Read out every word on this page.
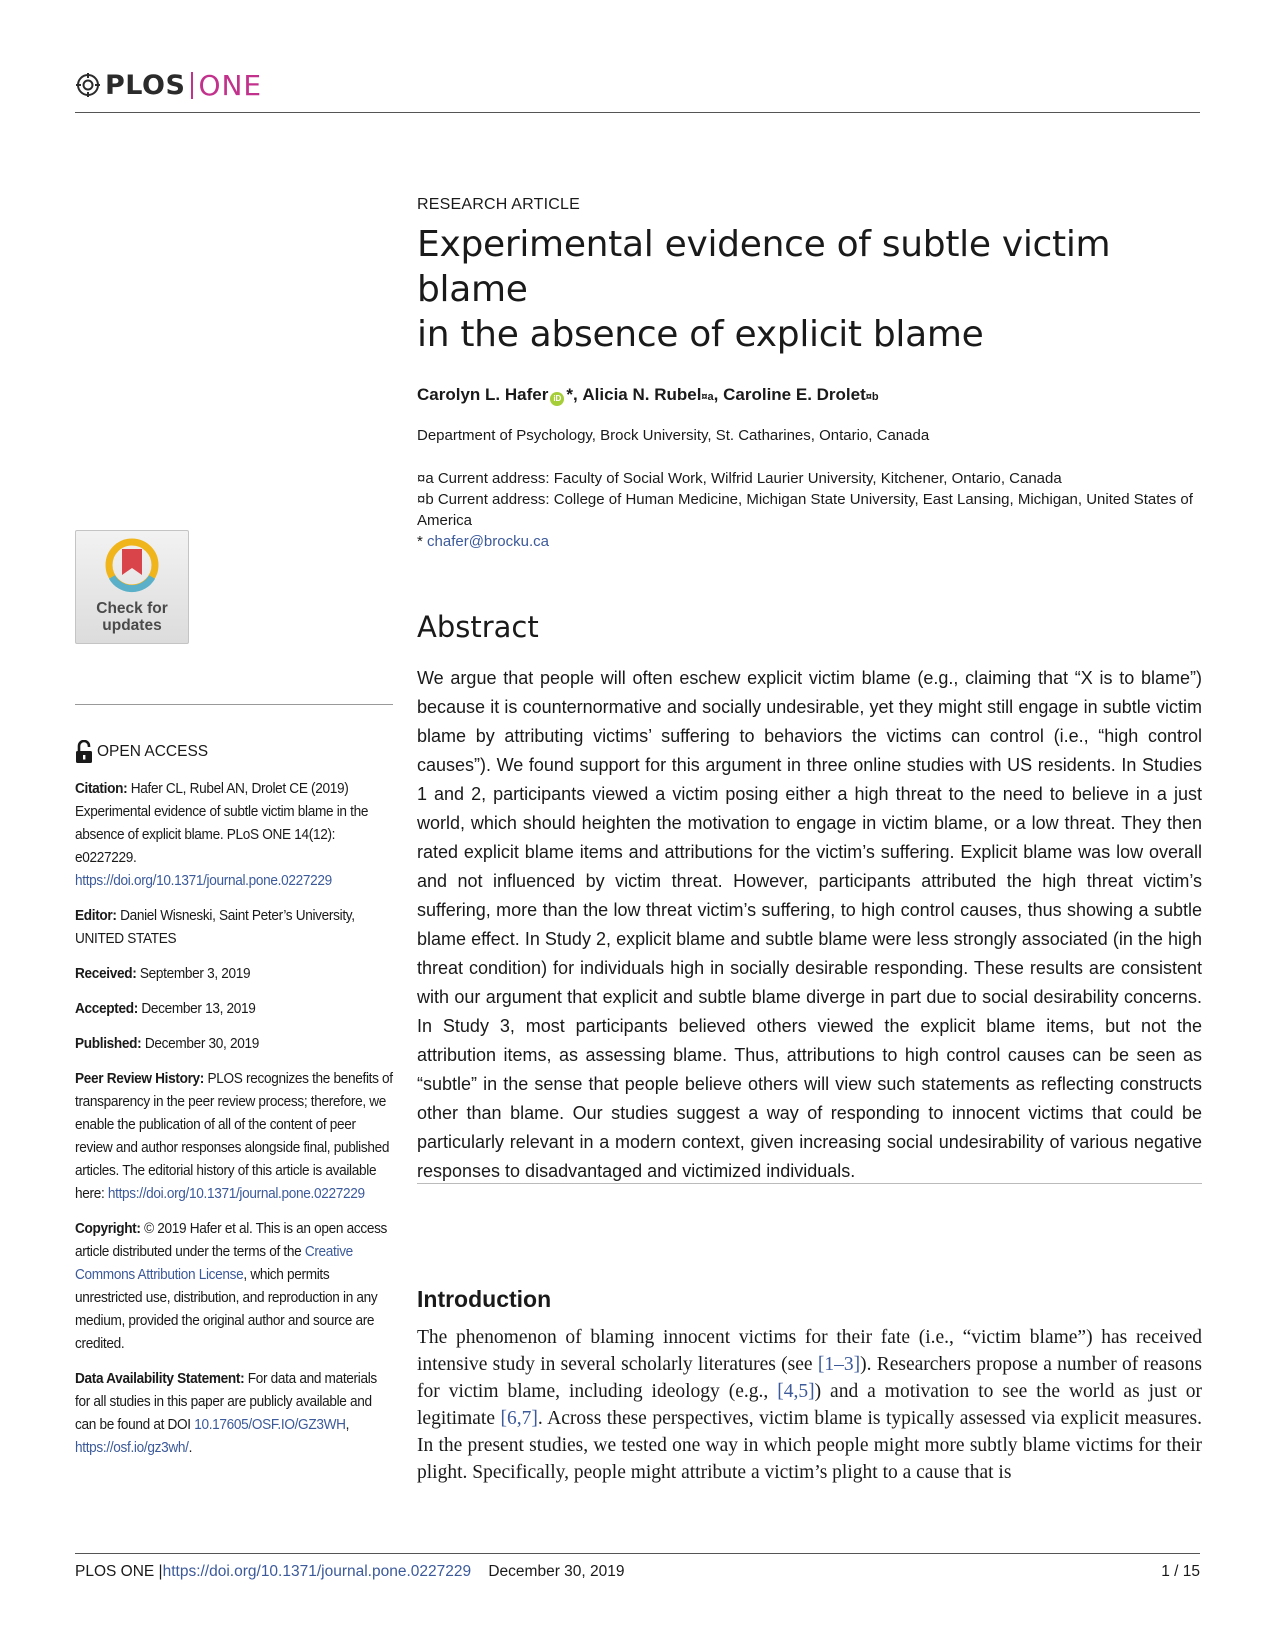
PLOS ONE
RESEARCH ARTICLE
Experimental evidence of subtle victim blame
in the absence of explicit blame
Carolyn L. Hafer iD * , Alicia N. Rubel ¤a , Caroline E. Drolet ¤b
Department of Psychology, Brock University, St. Catharines, Ontario, Canada
¤a Current address: Faculty of Social Work, Wilfrid Laurier University, Kitchener, Ontario, Canada
¤b Current address: College of Human Medicine, Michigan State University, East Lansing, Michigan, United States of America
* chafer@brocku.ca
Abstract
We argue that people will often eschew explicit victim blame (e.g., claiming that “X is to blame”) because it is counternormative and socially undesirable, yet they might still engage in subtle victim blame by attributing victims’ suffering to behaviors the victims can control (i.e., “high control causes”). We found support for this argument in three online studies with US residents. In Studies 1 and 2, participants viewed a victim posing either a high threat to the need to believe in a just world, which should heighten the motivation to engage in victim blame, or a low threat. They then rated explicit blame items and attributions for the victim’s suffering. Explicit blame was low overall and not influenced by victim threat. However, participants attributed the high threat victim’s suffering, more than the low threat victim’s suffering, to high control causes, thus showing a subtle blame effect. In Study 2, explicit blame and subtle blame were less strongly associated (in the high threat condition) for individuals high in socially desirable responding. These results are consistent with our argument that explicit and subtle blame diverge in part due to social desirability concerns. In Study 3, most participants believed others viewed the explicit blame items, but not the attribution items, as assessing blame. Thus, attributions to high control causes can be seen as “subtle” in the sense that people believe others will view such statements as reflecting constructs other than blame. Our studies suggest a way of responding to innocent victims that could be particularly relevant in a modern context, given increasing social undesirability of various negative responses to disadvantaged and victimized individuals.
Introduction
The phenomenon of blaming innocent victims for their fate (i.e., “victim blame”) has received intensive study in several scholarly literatures (see [1–3]). Researchers propose a number of reasons for victim blame, including ideology (e.g., [4,5]) and a motivation to see the world as just or legitimate [6,7]. Across these perspectives, victim blame is typically assessed via explicit measures. In the present studies, we tested one way in which people might more subtly blame victims for their plight. Specifically, people might attribute a victim’s plight to a cause that is
Check for
updates
OPEN ACCESS

Citation: Hafer CL, Rubel AN, Drolet CE (2019) Experimental evidence of subtle victim blame in the absence of explicit blame. PLoS ONE 14(12): e0227229. https://doi.org/10.1371/journal.pone.0227229

Editor: Daniel Wisneski, Saint Peter’s University, UNITED STATES

Received: September 3, 2019

Accepted: December 13, 2019

Published: December 30, 2019

Peer Review History: PLOS recognizes the benefits of transparency in the peer review process; therefore, we enable the publication of all of the content of peer review and author responses alongside final, published articles. The editorial history of this article is available here: https://doi.org/10.1371/journal.pone.0227229

Copyright: © 2019 Hafer et al. This is an open access article distributed under the terms of the Creative Commons Attribution License, which permits unrestricted use, distribution, and reproduction in any medium, provided the original author and source are credited.

Data Availability Statement: For data and materials for all studies in this paper are publicly available and can be found at DOI 10.17605/OSF.IO/GZ3WH, https://osf.io/gz3wh/.

PLOS ONE | https://doi.org/10.1371/journal.pone.0227229
December 30, 2019	1 / 15
